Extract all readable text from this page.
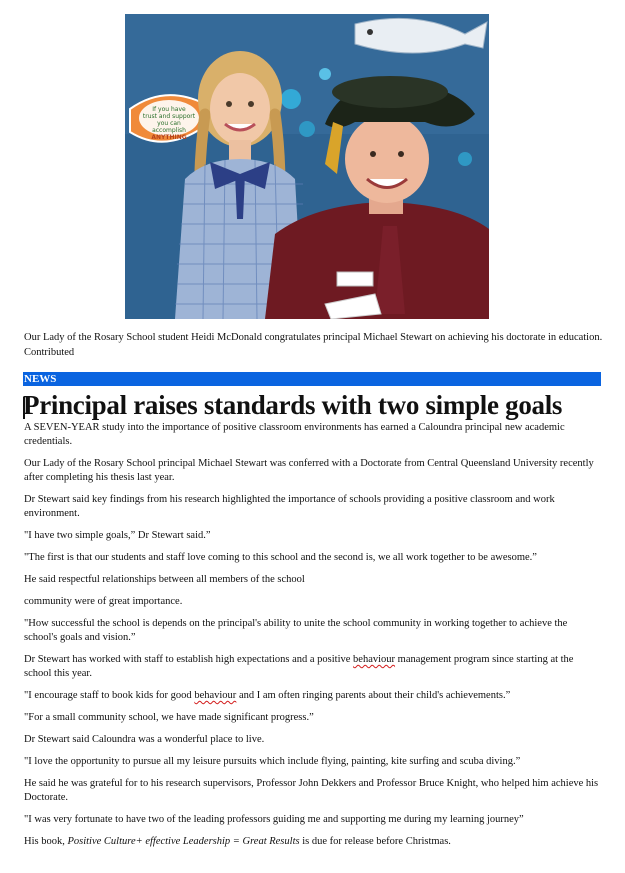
If you have
trust and support
you can
accomplish
ANYTHING
Our Lady of the Rosary School student Heidi McDonald congratulates principal Michael Stewart on achieving his doctorate in education. Contributed
NEWS
Principal raises standards with two simple goals

A SEVEN-YEAR study into the importance of positive classroom environments has earned a Caloundra principal new academic credentials.

Our Lady of the Rosary School principal Michael Stewart was conferred with a Doctorate from Central Queensland University recently after completing his thesis last year.

Dr Stewart said key findings from his research highlighted the importance of schools providing a positive classroom and work environment.

"I have two simple goals,” Dr Stewart said.”

"The first is that our students and staff love coming to this school and the second is, we all work together to be awesome.”

He said respectful relationships between all members of the school

community were of great importance.

"How successful the school is depends on the principal's ability to unite the school community in working together to achieve the school's goals and vision.”

Dr Stewart has worked with staff to establish high expectations and a positive behaviour management program since starting at the school this year.

"I encourage staff to book kids for good behaviour and I am often ringing parents about their child's achievements.”

"For a small community school, we have made significant progress.”

Dr Stewart said Caloundra was a wonderful place to live.

"I love the opportunity to pursue all my leisure pursuits which include flying, painting, kite surfing and scuba diving.”

He said he was grateful for to his research supervisors, Professor John Dekkers and Professor Bruce Knight, who helped him achieve his Doctorate.

"I was very fortunate to have two of the leading professors guiding me and supporting me during my learning journey”

His book, Positive Culture+ effective Leadership = Great Results is due for release before Christmas.
